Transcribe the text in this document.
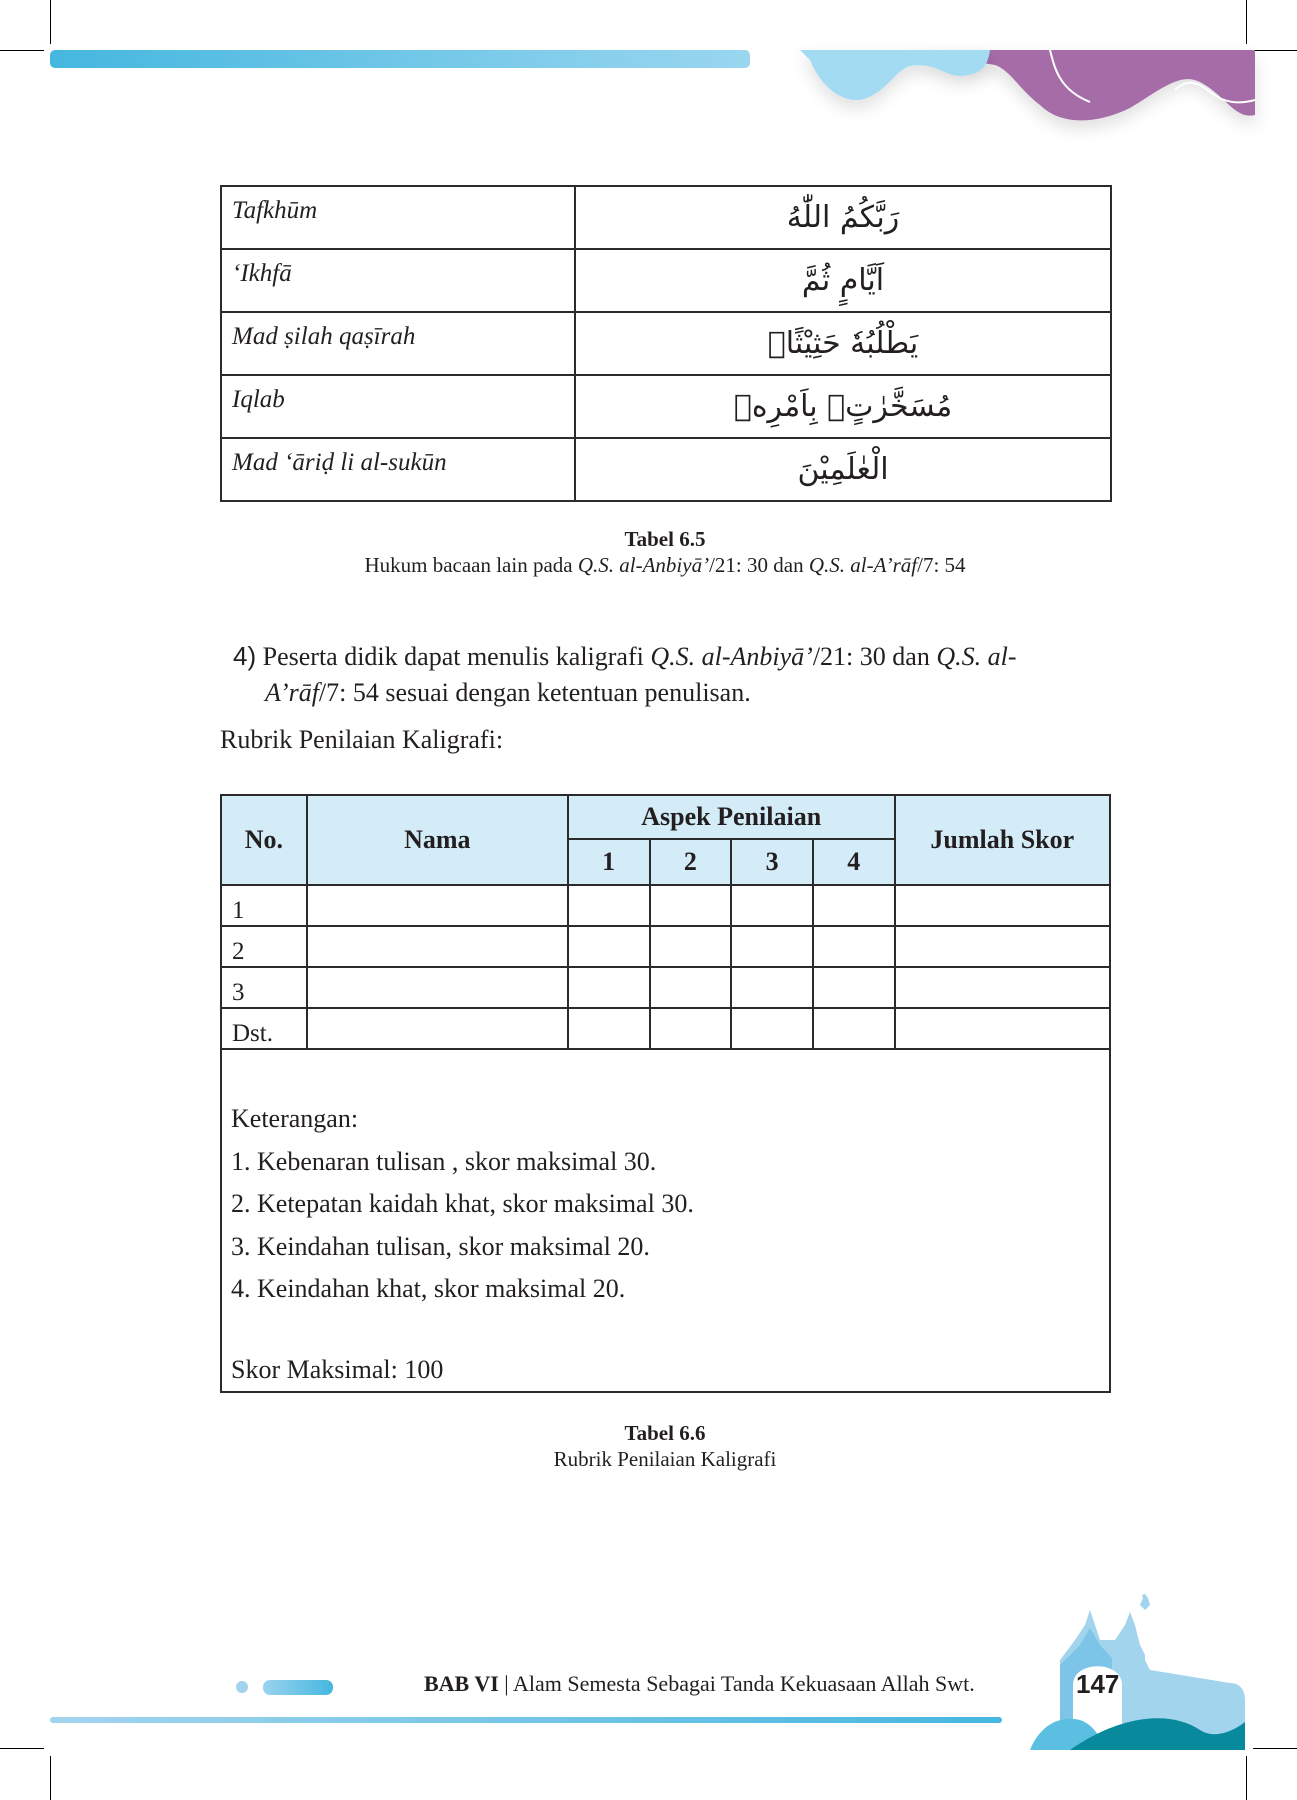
Tafkhūm	رَبَّكُمُ اللّٰهُ
‘Ikhfā	اَيَّامٍ ثُمَّ
Mad ṣilah qaṣīrah	يَطْلُبُهٗ حَثِيْثًاۙ
Iqlab	مُسَخَّرٰتٍۢ بِاَمْرِهٖ
Mad ‘āriḍ li al-sukūn	الْعٰلَمِيْنَ
Tabel 6.5
Hukum bacaan lain pada Q.S. al-Anbiyā’/21: 30 dan Q.S. al-A’rāf/7: 54
4) Peserta didik dapat menulis kaligrafi Q.S. al-Anbiyā’/21: 30 dan Q.S. al-
A’rāf/7: 54 sesuai dengan ketentuan penulisan.
Rubrik Penilaian Kaligrafi:
No.	Nama	Aspek Penilaian				Jumlah Skor
		1	2	3	4	
1						
2						
3						
Dst.						

Keterangan:
1. Kebenaran tulisan , skor maksimal 30.
2. Ketepatan kaidah khat, skor maksimal 30.
3. Keindahan tulisan, skor maksimal 20.
4. Keindahan khat, skor maksimal 20.
Skor Maksimal: 100
Tabel 6.6
Rubrik Penilaian Kaligrafi
BAB VI | Alam Semesta Sebagai Tanda Kekuasaan Allah Swt.	147
